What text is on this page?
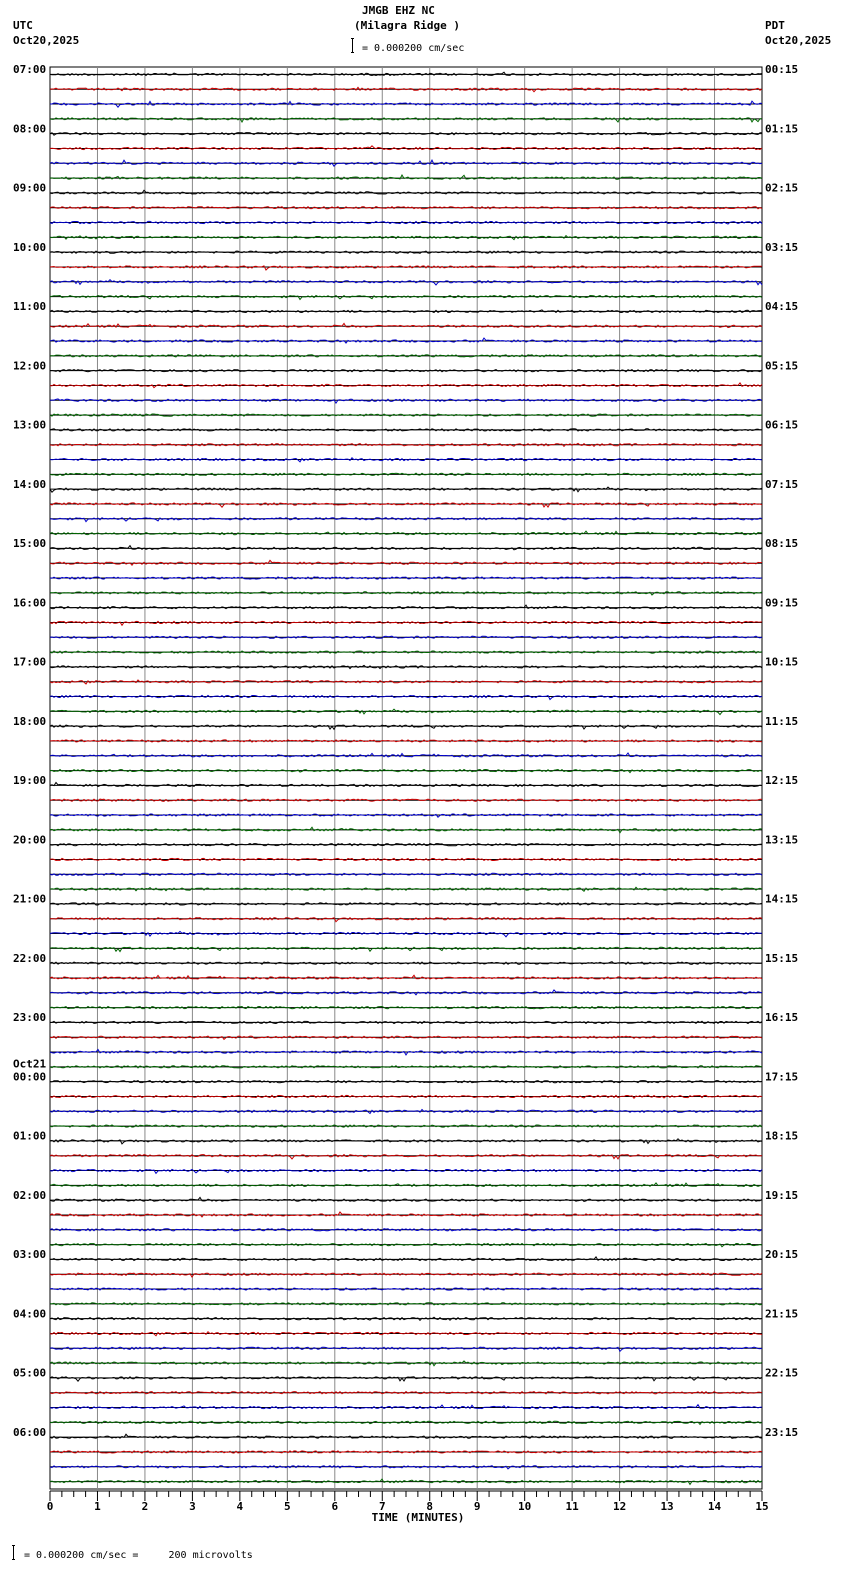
07:00
08:00
09:00
10:00
11:00
12:00
13:00
14:00
15:00
16:00
17:00
18:00
19:00
20:00
21:00
22:00
23:00
Oct21
00:00
01:00
02:00
03:00
04:00
05:00
06:00
00:15
01:15
02:15
03:15
04:15
05:15
06:15
07:15
08:15
09:15
10:15
11:15
12:15
13:15
14:15
15:15
16:15
17:15
18:15
19:15
20:15
21:15
22:15
23:15
0	1	2	3	4	5	6	7	8	9	10	11	12	13	14	15
TIME (MINUTES)
JMGB EHZ NC
(Milagra Ridge )
= 0.000200 cm/sec
UTC
Oct20,2025
PDT
Oct20,2025
= 0.000200 cm/sec =     200 microvolts
